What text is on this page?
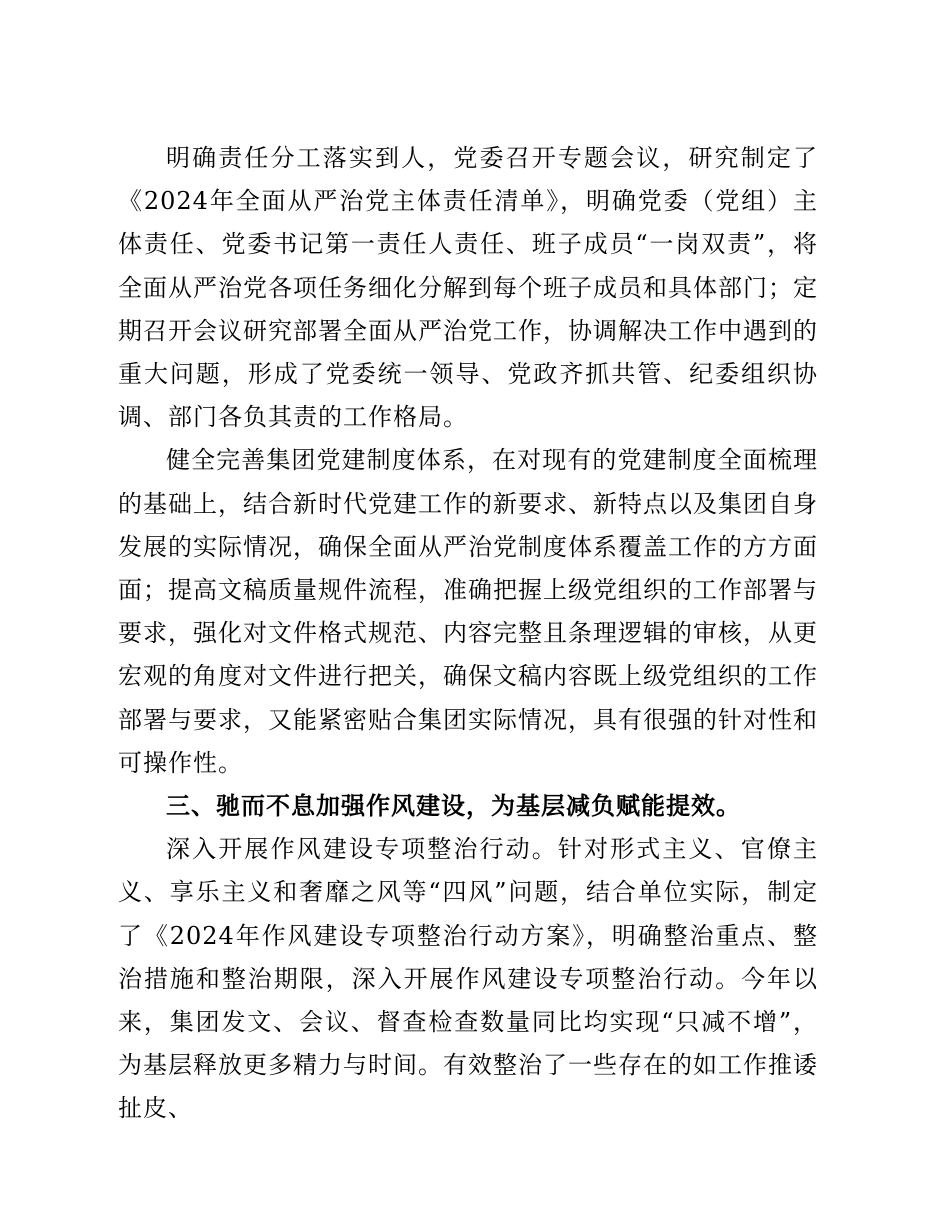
明确责任分工落实到人，党委召开专题会议，研究制定了《2024年全面从严治党主体责任清单》，明确党委（党组）主体责任、党委书记第一责任人责任、班子成员“一岗双责”，将全面从严治党各项任务细化分解到每个班子成员和具体部门；定期召开会议研究部署全面从严治党工作，协调解决工作中遇到的重大问题，形成了党委统一领导、党政齐抓共管、纪委组织协调、部门各负其责的工作格局。

健全完善集团党建制度体系，在对现有的党建制度全面梳理的基础上，结合新时代党建工作的新要求、新特点以及集团自身发展的实际情况，确保全面从严治党制度体系覆盖工作的方方面面；提高文稿质量规件流程，准确把握上级党组织的工作部署与要求，强化对文件格式规范、内容完整且条理逻辑的审核，从更宏观的角度对文件进行把关，确保文稿内容既上级党组织的工作部署与要求，又能紧密贴合集团实际情况，具有很强的针对性和可操作性。

三、驰而不息加强作风建设，为基层减负赋能提效。

深入开展作风建设专项整治行动。针对形式主义、官僚主义、享乐主义和奢靡之风等“四风”问题，结合单位实际，制定了《2024年作风建设专项整治行动方案》，明确整治重点、整治措施和整治期限，深入开展作风建设专项整治行动。今年以来，集团发文、会议、督查检查数量同比均实现“只减不增”，为基层释放更多精力与时间。有效整治了一些存在的如工作推诿扯皮、
